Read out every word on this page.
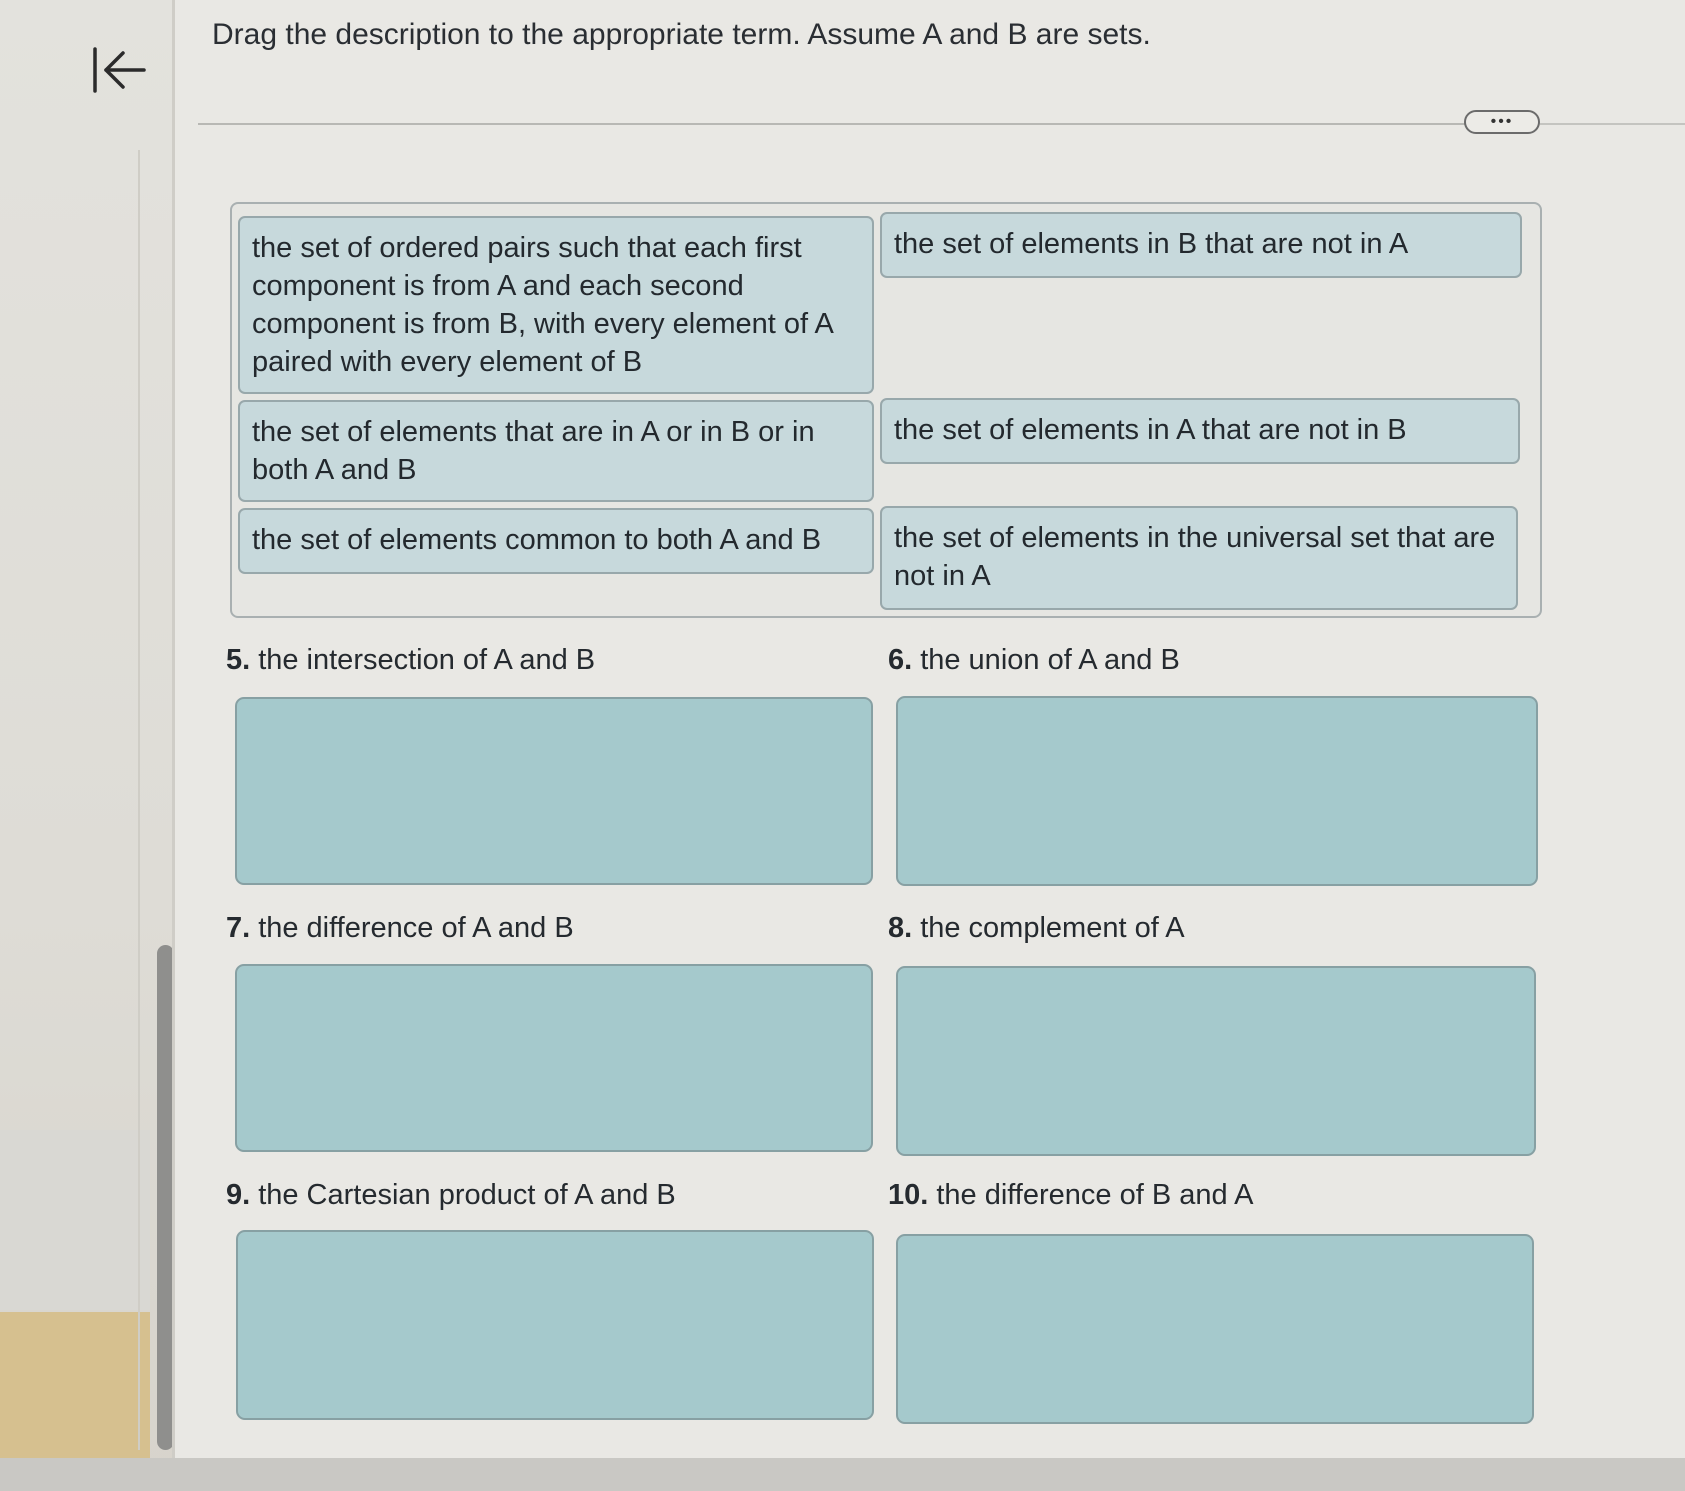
Drag the description to the appropriate term. Assume A and B are sets.
•••
the set of ordered pairs such that each first component is from A and each second component is from B, with every element of A paired with every element of B
the set of elements in B that are not in A
the set of elements that are in A or in B or in both A and B
the set of elements in A that are not in B
the set of elements common to both A and B	the set of elements in the universal set that are not in A
5. the intersection of A and B	6. the union of A and B
7. the difference of A and B	8. the complement of A
9. the Cartesian product of A and B	10. the difference of B and A
